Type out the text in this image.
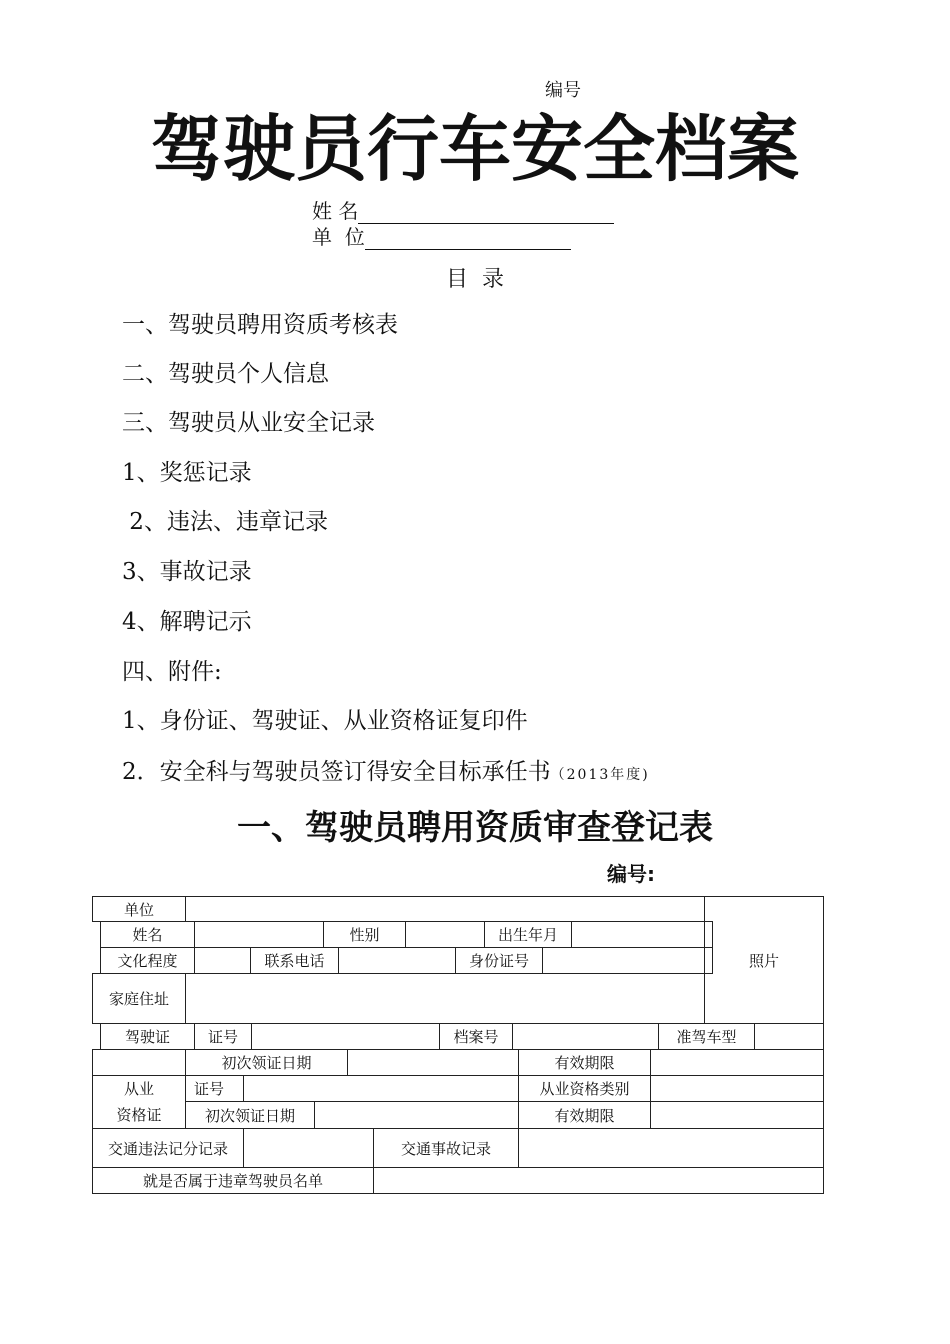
编号
驾驶员行车安全档案
姓 名
单  位
目  录
一、驾驶员聘用资质考核表
二、驾驶员个人信息
三、驾驶员从业安全记录
1、奖惩记录
2、违法、违章记录
3、事故记录
4、解聘记示
四、附件:
1、身份证、驾驶证、从业资格证复印件
2．安全科与驾驶员签订得安全目标承任书（2013年度)
一、驾驶员聘用资质审查登记表
编号:
单位
照片
姓名	性别	出生年月
文化程度	联系电话	身份证号
家庭住址
驾驶证	证号	档案号	准驾车型
初次领证日期	有效期限
从业
资格证
证号	从业资格类别
初次领证日期	有效期限
交通违法记分记录	交通事故记录
就是否属于违章驾驶员名单
